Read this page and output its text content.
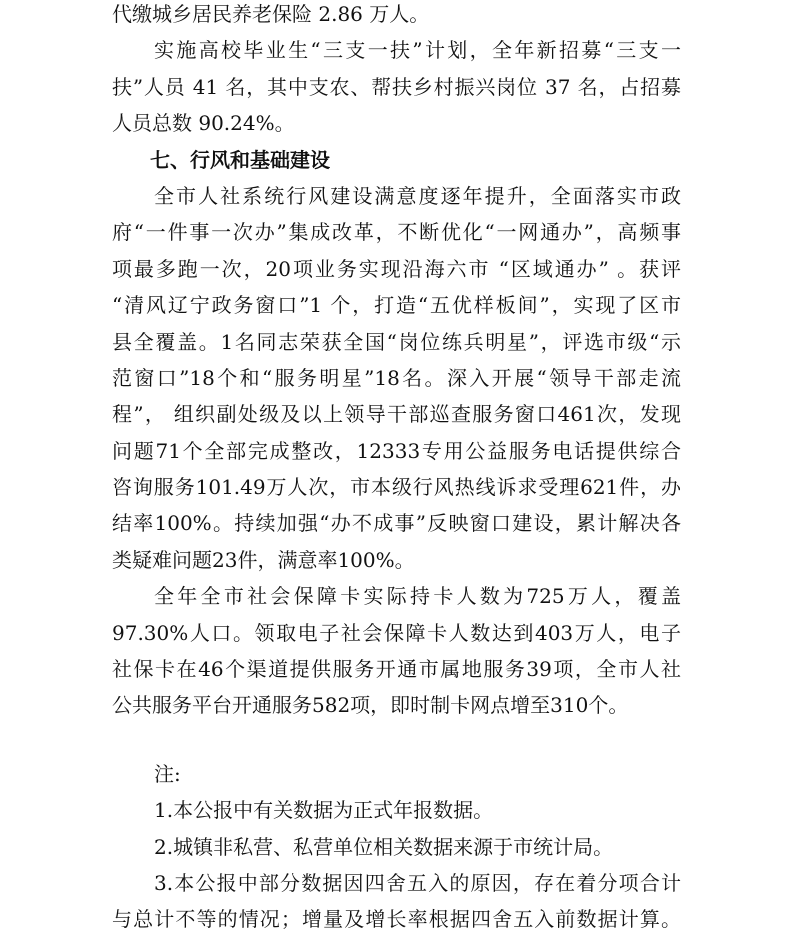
代缴城乡居民养老保险 2.86 万人。
实施高校毕业生“三支一扶”计划，全年新招募“三支一
扶”人员 41 名，其中支农、帮扶乡村振兴岗位 37 名，占招募
人员总数 90.24%。
七、行风和基础建设
全市人社系统行风建设满意度逐年提升，全面落实市政
府“一件事一次办”集成改革，不断优化“一网通办”，高频事
项最多跑一次，20项业务实现沿海六市 “区域通办” 。获评
“清风辽宁政务窗口”1 个，打造“五优样板间”，实现了区市
县全覆盖。1名同志荣获全国“岗位练兵明星”，评选市级“示
范窗口”18个和“服务明星”18名。深入开展“领导干部走流
程”， 组织副处级及以上领导干部巡查服务窗口461次，发现
问题71个全部完成整改，12333专用公益服务电话提供综合
咨询服务101.49万人次，市本级行风热线诉求受理621件，办
结率100%。持续加强“办不成事”反映窗口建设，累计解决各
类疑难问题23件，满意率100%。
全年全市社会保障卡实际持卡人数为725万人，覆盖
97.30%人口。领取电子社会保障卡人数达到403万人，电子
社保卡在46个渠道提供服务开通市属地服务39项，全市人社
公共服务平台开通服务582项，即时制卡网点增至310个。
注:
1.本公报中有关数据为正式年报数据。
2.城镇非私营、私营单位相关数据来源于市统计局。
3.本公报中部分数据因四舍五入的原因，存在着分项合计
与总计不等的情况；增量及增长率根据四舍五入前数据计算。
